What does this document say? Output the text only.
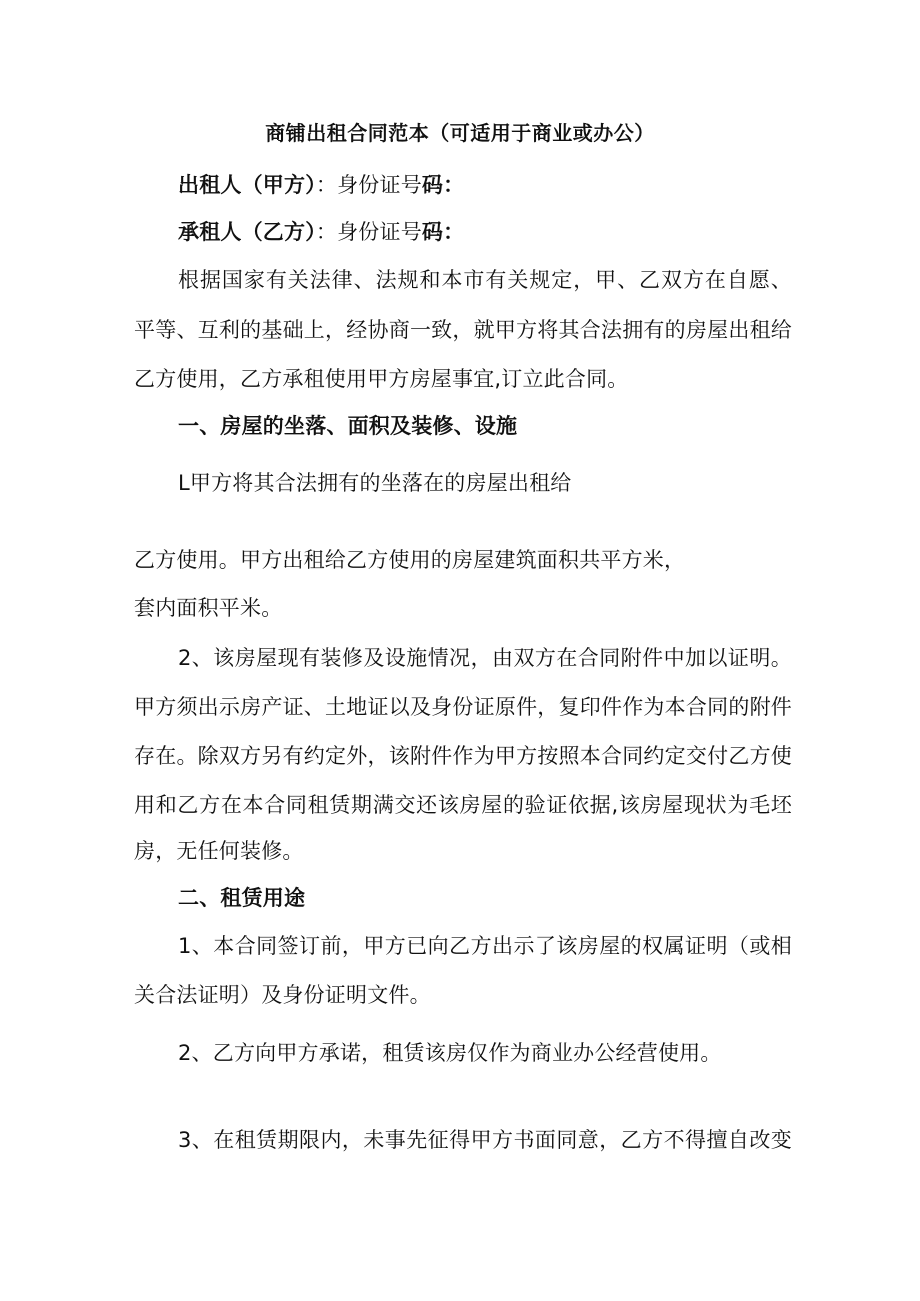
商铺出租合同范本（可适用于商业或办公）
出租人（甲方）：身份证号码：
承租人（乙方）：身份证号码：
根据国家有关法律、法规和本市有关规定，甲、乙双方在自愿、
平等、互利的基础上，经协商一致，就甲方将其合法拥有的房屋出租给
乙方使用，乙方承租使用甲方房屋事宜,订立此合同。
一、房屋的坐落、面积及装修、设施
L甲方将其合法拥有的坐落在的房屋出租给
乙方使用。甲方出租给乙方使用的房屋建筑面积共平方米，
套内面积平米。
2、该房屋现有装修及设施情况，由双方在合同附件中加以证明。
甲方须出示房产证、土地证以及身份证原件，复印件作为本合同的附件
存在。除双方另有约定外，该附件作为甲方按照本合同约定交付乙方使
用和乙方在本合同租赁期满交还该房屋的验证依据,该房屋现状为毛坯
房，无任何装修。
二、租赁用途
1、本合同签订前，甲方已向乙方出示了该房屋的权属证明（或相
关合法证明）及身份证明文件。
2、乙方向甲方承诺，租赁该房仅作为商业办公经营使用。
3、在租赁期限内，未事先征得甲方书面同意，乙方不得擅自改变
